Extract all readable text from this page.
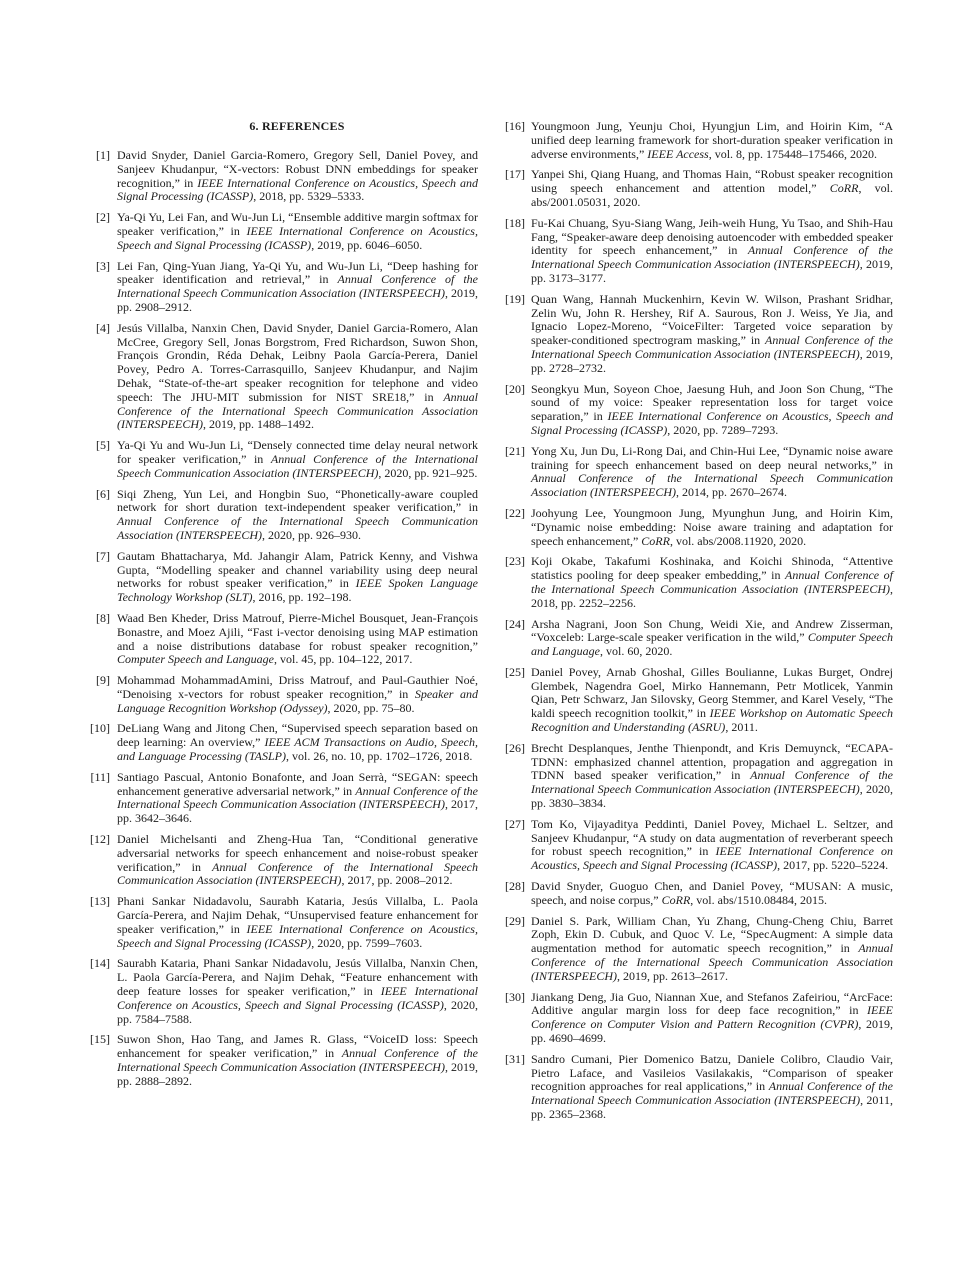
6. REFERENCES
[1] David Snyder, Daniel Garcia-Romero, Gregory Sell, Daniel Povey, and Sanjeev Khudanpur, “X-vectors: Robust DNN embeddings for speaker recognition,” in IEEE International Conference on Acoustics, Speech and Signal Processing (ICASSP), 2018, pp. 5329–5333.
[2] Ya-Qi Yu, Lei Fan, and Wu-Jun Li, “Ensemble additive margin softmax for speaker verification,” in IEEE International Conference on Acoustics, Speech and Signal Processing (ICASSP), 2019, pp. 6046–6050.
[3] Lei Fan, Qing-Yuan Jiang, Ya-Qi Yu, and Wu-Jun Li, “Deep hashing for speaker identification and retrieval,” in Annual Conference of the International Speech Communication Association (INTERSPEECH), 2019, pp. 2908–2912.
[4] Jesús Villalba, Nanxin Chen, David Snyder, Daniel Garcia-Romero, Alan McCree, Gregory Sell, Jonas Borgstrom, Fred Richardson, Suwon Shon, François Grondin, Réda Dehak, Leibny Paola García-Perera, Daniel Povey, Pedro A. Torres-Carrasquillo, Sanjeev Khudanpur, and Najim Dehak, “State-of-the-art speaker recognition for telephone and video speech: The JHU-MIT submission for NIST SRE18,” in Annual Conference of the International Speech Communication Association (INTERSPEECH), 2019, pp. 1488–1492.
[5] Ya-Qi Yu and Wu-Jun Li, “Densely connected time delay neural network for speaker verification,” in Annual Conference of the International Speech Communication Association (INTERSPEECH), 2020, pp. 921–925.
[6] Siqi Zheng, Yun Lei, and Hongbin Suo, “Phonetically-aware coupled network for short duration text-independent speaker verification,” in Annual Conference of the International Speech Communication Association (INTERSPEECH), 2020, pp. 926–930.
[7] Gautam Bhattacharya, Md. Jahangir Alam, Patrick Kenny, and Vishwa Gupta, “Modelling speaker and channel variability using deep neural networks for robust speaker verification,” in IEEE Spoken Language Technology Workshop (SLT), 2016, pp. 192–198.
[8] Waad Ben Kheder, Driss Matrouf, Pierre-Michel Bousquet, Jean-François Bonastre, and Moez Ajili, “Fast i-vector denoising using MAP estimation and a noise distributions database for robust speaker recognition,” Computer Speech and Language, vol. 45, pp. 104–122, 2017.
[9] Mohammad MohammadAmini, Driss Matrouf, and Paul-Gauthier Noé, “Denoising x-vectors for robust speaker recognition,” in Speaker and Language Recognition Workshop (Odyssey), 2020, pp. 75–80.
[10] DeLiang Wang and Jitong Chen, “Supervised speech separation based on deep learning: An overview,” IEEE ACM Transactions on Audio, Speech, and Language Processing (TASLP), vol. 26, no. 10, pp. 1702–1726, 2018.
[11] Santiago Pascual, Antonio Bonafonte, and Joan Serrà, “SEGAN: speech enhancement generative adversarial network,” in Annual Conference of the International Speech Communication Association (INTERSPEECH), 2017, pp. 3642–3646.
[12] Daniel Michelsanti and Zheng-Hua Tan, “Conditional generative adversarial networks for speech enhancement and noise-robust speaker verification,” in Annual Conference of the International Speech Communication Association (INTERSPEECH), 2017, pp. 2008–2012.
[13] Phani Sankar Nidadavolu, Saurabh Kataria, Jesús Villalba, L. Paola García-Perera, and Najim Dehak, “Unsupervised feature enhancement for speaker verification,” in IEEE International Conference on Acoustics, Speech and Signal Processing (ICASSP), 2020, pp. 7599–7603.
[14] Saurabh Kataria, Phani Sankar Nidadavolu, Jesús Villalba, Nanxin Chen, L. Paola García-Perera, and Najim Dehak, “Feature enhancement with deep feature losses for speaker verification,” in IEEE International Conference on Acoustics, Speech and Signal Processing (ICASSP), 2020, pp. 7584–7588.
[15] Suwon Shon, Hao Tang, and James R. Glass, “VoiceID loss: Speech enhancement for speaker verification,” in Annual Conference of the International Speech Communication Association (INTERSPEECH), 2019, pp. 2888–2892.
[16] Youngmoon Jung, Yeunju Choi, Hyungjun Lim, and Hoirin Kim, “A unified deep learning framework for short-duration speaker verification in adverse environments,” IEEE Access, vol. 8, pp. 175448–175466, 2020.
[17] Yanpei Shi, Qiang Huang, and Thomas Hain, “Robust speaker recognition using speech enhancement and attention model,” CoRR, vol. abs/2001.05031, 2020.
[18] Fu-Kai Chuang, Syu-Siang Wang, Jeih-weih Hung, Yu Tsao, and Shih-Hau Fang, “Speaker-aware deep denoising autoencoder with embedded speaker identity for speech enhancement,” in Annual Conference of the International Speech Communication Association (INTERSPEECH), 2019, pp. 3173–3177.
[19] Quan Wang, Hannah Muckenhirn, Kevin W. Wilson, Prashant Sridhar, Zelin Wu, John R. Hershey, Rif A. Saurous, Ron J. Weiss, Ye Jia, and Ignacio Lopez-Moreno, “VoiceFilter: Targeted voice separation by speaker-conditioned spectrogram masking,” in Annual Conference of the International Speech Communication Association (INTERSPEECH), 2019, pp. 2728–2732.
[20] Seongkyu Mun, Soyeon Choe, Jaesung Huh, and Joon Son Chung, “The sound of my voice: Speaker representation loss for target voice separation,” in IEEE International Conference on Acoustics, Speech and Signal Processing (ICASSP), 2020, pp. 7289–7293.
[21] Yong Xu, Jun Du, Li-Rong Dai, and Chin-Hui Lee, “Dynamic noise aware training for speech enhancement based on deep neural networks,” in Annual Conference of the International Speech Communication Association (INTERSPEECH), 2014, pp. 2670–2674.
[22] Joohyung Lee, Youngmoon Jung, Myunghun Jung, and Hoirin Kim, “Dynamic noise embedding: Noise aware training and adaptation for speech enhancement,” CoRR, vol. abs/2008.11920, 2020.
[23] Koji Okabe, Takafumi Koshinaka, and Koichi Shinoda, “Attentive statistics pooling for deep speaker embedding,” in Annual Conference of the International Speech Communication Association (INTERSPEECH), 2018, pp. 2252–2256.
[24] Arsha Nagrani, Joon Son Chung, Weidi Xie, and Andrew Zisserman, “Voxceleb: Large-scale speaker verification in the wild,” Computer Speech and Language, vol. 60, 2020.
[25] Daniel Povey, Arnab Ghoshal, Gilles Boulianne, Lukas Burget, Ondrej Glembek, Nagendra Goel, Mirko Hannemann, Petr Motlicek, Yanmin Qian, Petr Schwarz, Jan Silovsky, Georg Stemmer, and Karel Vesely, “The kaldi speech recognition toolkit,” in IEEE Workshop on Automatic Speech Recognition and Understanding (ASRU), 2011.
[26] Brecht Desplanques, Jenthe Thienpondt, and Kris Demuynck, “ECAPA-TDNN: emphasized channel attention, propagation and aggregation in TDNN based speaker verification,” in Annual Conference of the International Speech Communication Association (INTERSPEECH), 2020, pp. 3830–3834.
[27] Tom Ko, Vijayaditya Peddinti, Daniel Povey, Michael L. Seltzer, and Sanjeev Khudanpur, “A study on data augmentation of reverberant speech for robust speech recognition,” in IEEE International Conference on Acoustics, Speech and Signal Processing (ICASSP), 2017, pp. 5220–5224.
[28] David Snyder, Guoguo Chen, and Daniel Povey, “MUSAN: A music, speech, and noise corpus,” CoRR, vol. abs/1510.08484, 2015.
[29] Daniel S. Park, William Chan, Yu Zhang, Chung-Cheng Chiu, Barret Zoph, Ekin D. Cubuk, and Quoc V. Le, “SpecAugment: A simple data augmentation method for automatic speech recognition,” in Annual Conference of the International Speech Communication Association (INTERSPEECH), 2019, pp. 2613–2617.
[30] Jiankang Deng, Jia Guo, Niannan Xue, and Stefanos Zafeiriou, “ArcFace: Additive angular margin loss for deep face recognition,” in IEEE Conference on Computer Vision and Pattern Recognition (CVPR), 2019, pp. 4690–4699.
[31] Sandro Cumani, Pier Domenico Batzu, Daniele Colibro, Claudio Vair, Pietro Laface, and Vasileios Vasilakakis, “Comparison of speaker recognition approaches for real applications,” in Annual Conference of the International Speech Communication Association (INTERSPEECH), 2011, pp. 2365–2368.
